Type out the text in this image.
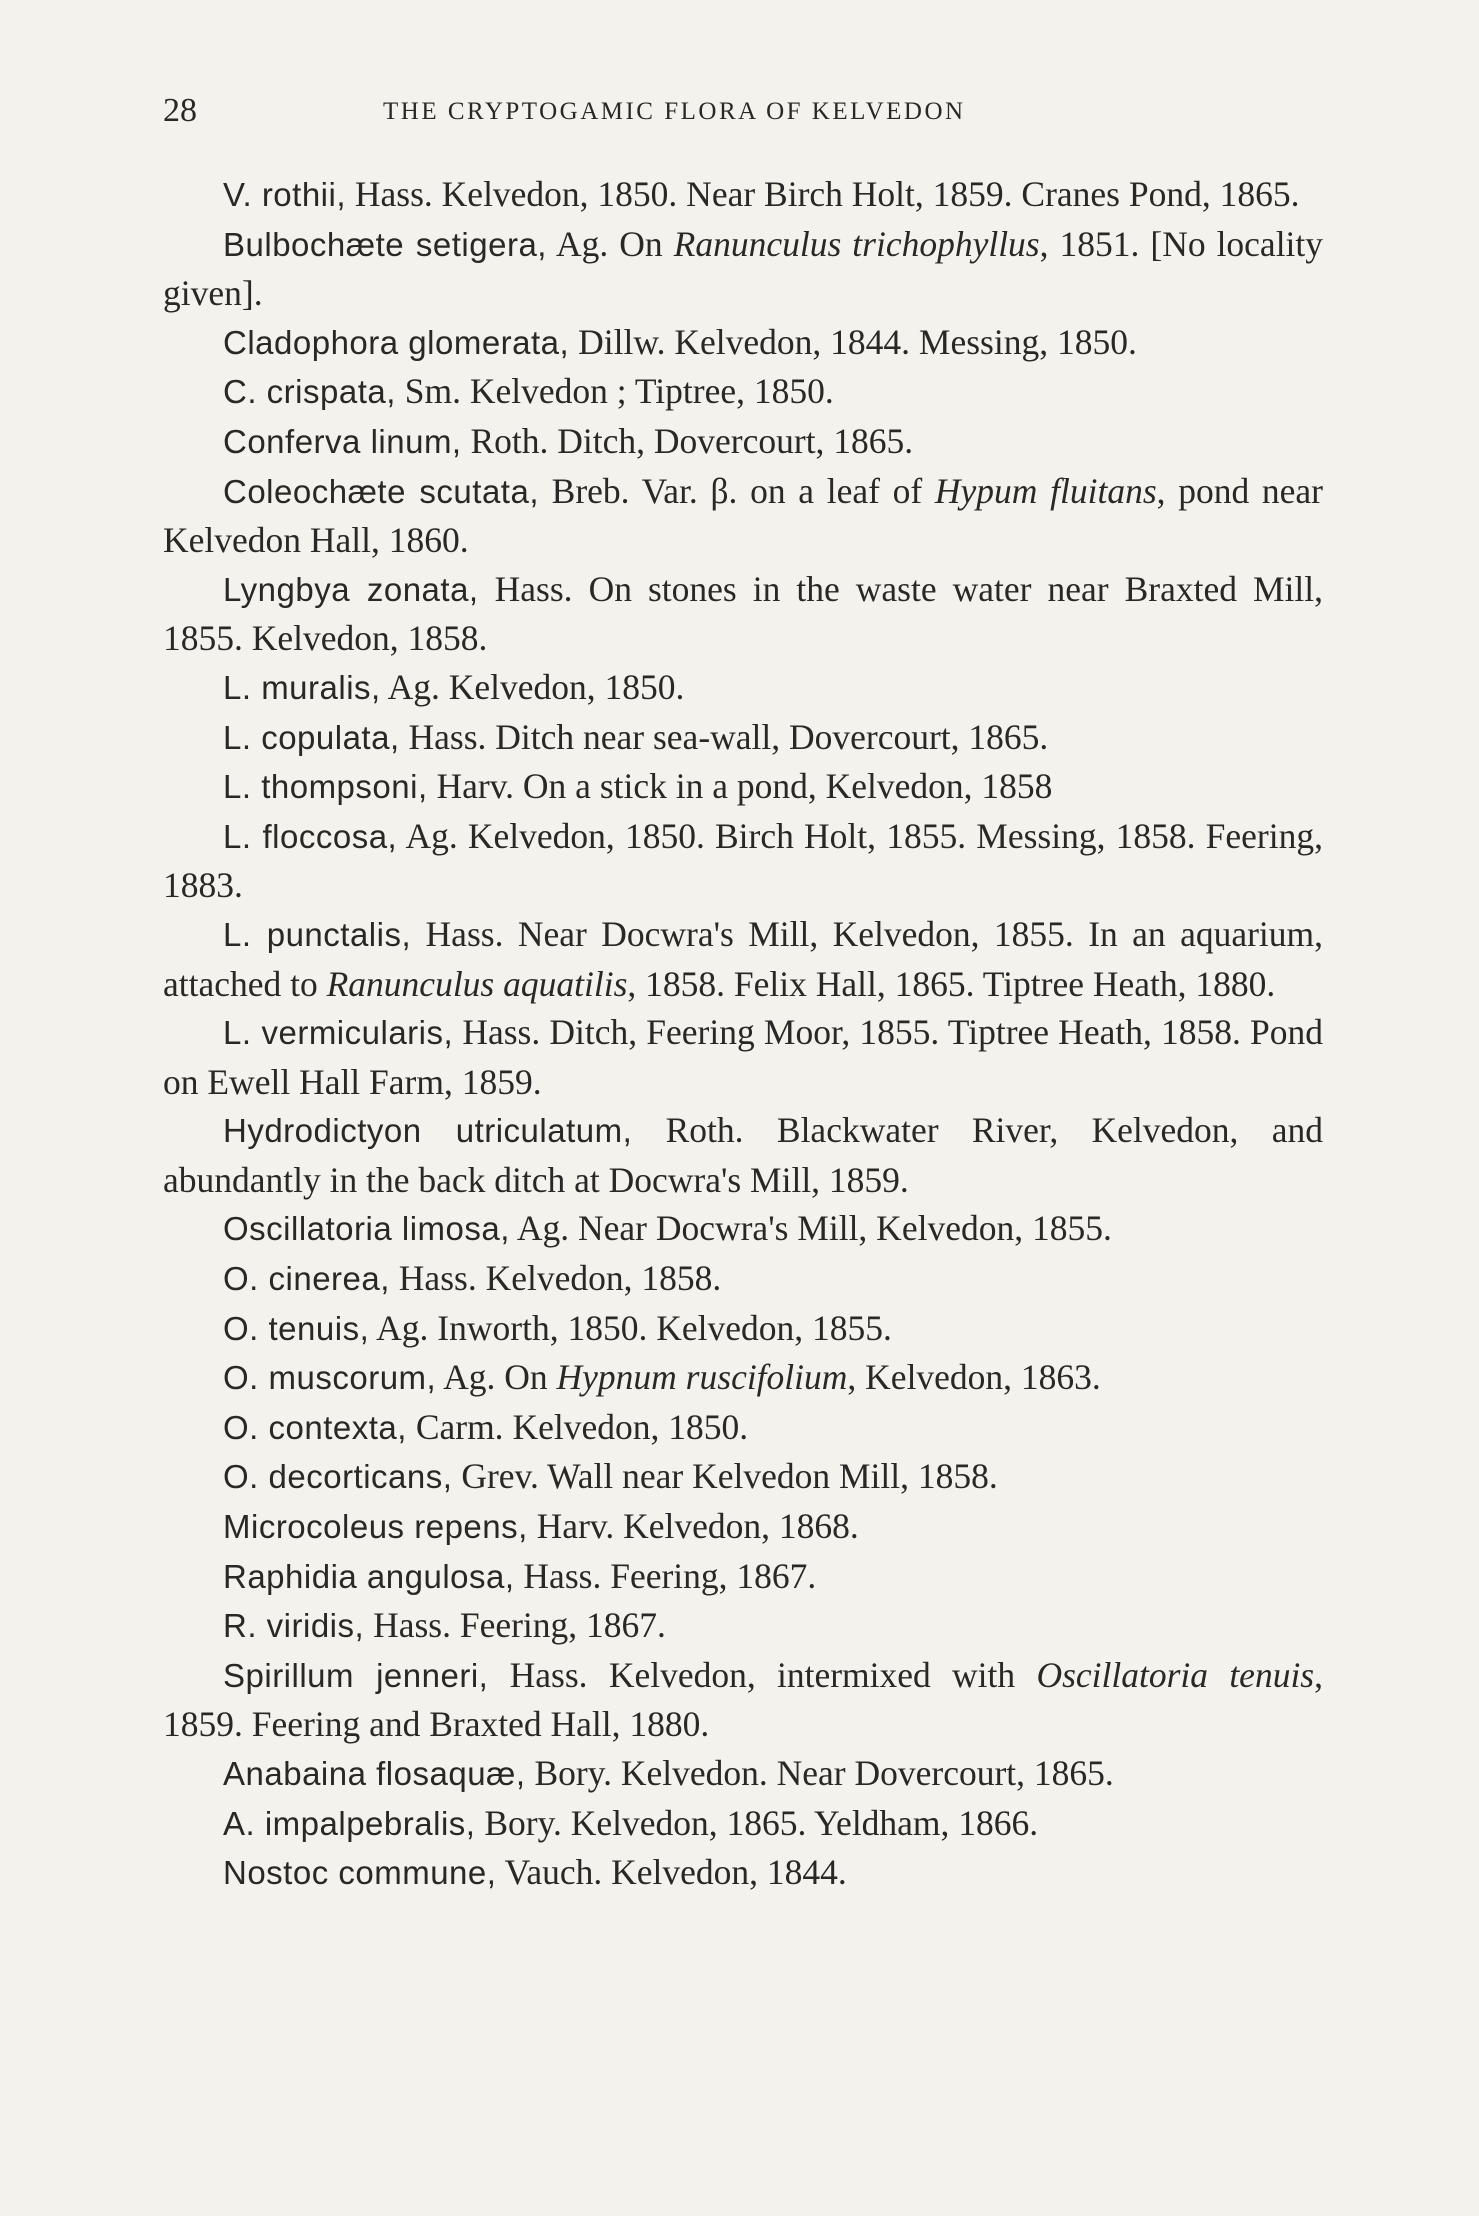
28	THE CRYPTOGAMIC FLORA OF KELVEDON

V. rothii, Hass. Kelvedon, 1850. Near Birch Holt, 1859. Cranes Pond, 1865.

Bulbochæte setigera, Ag. On Ranunculus trichophyllus, 1851. [No locality given].

Cladophora glomerata, Dillw. Kelvedon, 1844. Messing, 1850.

C. crispata, Sm. Kelvedon ; Tiptree, 1850.

Conferva linum, Roth. Ditch, Dovercourt, 1865.

Coleochæte scutata, Breb. Var. β. on a leaf of Hypum fluitans, pond near Kelvedon Hall, 1860.

Lyngbya zonata, Hass. On stones in the waste water near Braxted Mill, 1855. Kelvedon, 1858.

L. muralis, Ag. Kelvedon, 1850.

L. copulata, Hass. Ditch near sea-wall, Dovercourt, 1865.

L. thompsoni, Harv. On a stick in a pond, Kelvedon, 1858

L. floccosa, Ag. Kelvedon, 1850. Birch Holt, 1855. Messing, 1858. Feering, 1883.

L. punctalis, Hass. Near Docwra's Mill, Kelvedon, 1855. In an aquarium, attached to Ranunculus aquatilis, 1858. Felix Hall, 1865. Tiptree Heath, 1880.

L. vermicularis, Hass. Ditch, Feering Moor, 1855. Tiptree Heath, 1858. Pond on Ewell Hall Farm, 1859.

Hydrodictyon utriculatum, Roth. Blackwater River, Kelvedon, and abundantly in the back ditch at Docwra's Mill, 1859.

Oscillatoria limosa, Ag. Near Docwra's Mill, Kelvedon, 1855.

O. cinerea, Hass. Kelvedon, 1858.

O. tenuis, Ag. Inworth, 1850. Kelvedon, 1855.

O. muscorum, Ag. On Hypnum ruscifolium, Kelvedon, 1863.

O. contexta, Carm. Kelvedon, 1850.

O. decorticans, Grev. Wall near Kelvedon Mill, 1858.

Microcoleus repens, Harv. Kelvedon, 1868.

Raphidia angulosa, Hass. Feering, 1867.

R. viridis, Hass. Feering, 1867.

Spirillum jenneri, Hass. Kelvedon, intermixed with Oscillatoria tenuis, 1859. Feering and Braxted Hall, 1880.

Anabaina flosaquæ, Bory. Kelvedon. Near Dovercourt, 1865.

A. impalpebralis, Bory. Kelvedon, 1865. Yeldham, 1866.

Nostoc commune, Vauch. Kelvedon, 1844.
